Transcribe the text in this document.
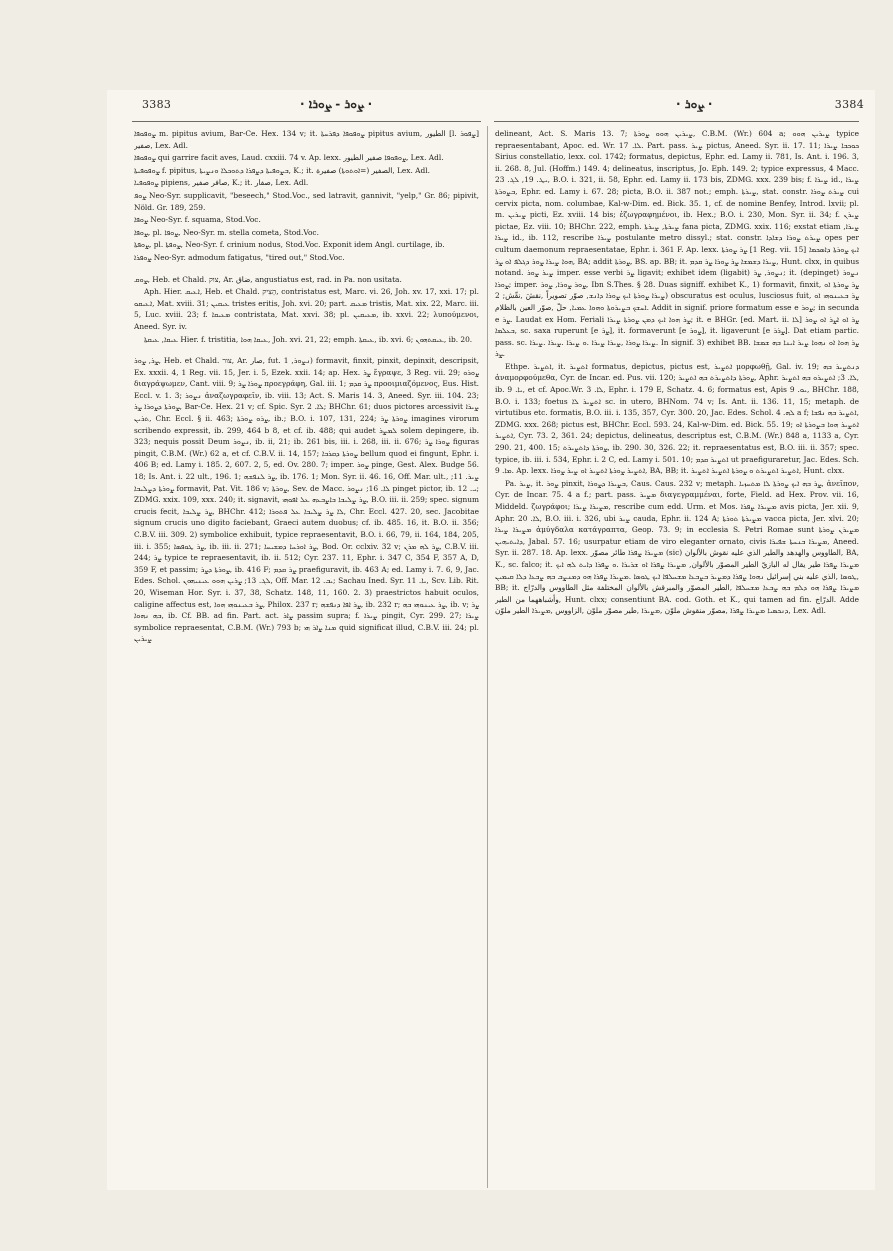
3383	· ܨܘܪ - ܨܘܪܐ ·	· ܨܘܪ ·	3384

ܨܘܦܘܦܐ m. pipitus avium, Bar-Ce. Hex. 134 v; it. ܨܘܦܘܦܐ ܕܦܪܚܬܐ pipitus avium, الطيور [l. ܨܦܘܪ] صفير, Lex. Adl.

ܨܘܦܘܦܐ qui garrire facit aves, Laud. cxxiii. 74 v. Ap. lexx. ܨܘܦܘܦܐ صفير الطيور, Lex. Adl.

ܨܘܦܘܦܝܬܐ f. pipitus, ܒܨܘܦܝܬܐ ܕܨܦܪܐ ܕܬܘܟܠܐ ܘܢܨܝܬܐ, K.; it. الصفير (=ܐܘܬܘܬܐ) صفيرة, Lex. Adl.

ܨܘܦܘܦܝܐ pipiens, صافر صفير, K.; it. صفار, Lex. Adl.

ܨܘܦ Neo-Syr. supplicavit, "beseech," Stod.Voc., sed latravit, gannivit, "yelp," Gr. 86; pipivit, Nöld. Gr. 189, 259.

ܨܘܦܐ Neo-Syr. f. squama, Stod.Voc.

ܨܘܦܐ, pl. ܨܘܦܐ, Neo-Syr. m. stella cometa, Stod.Voc.

ܨܘܦܬܐ, pl. ܨܘܦܬܐ, Neo-Syr. f. crinium nodus, Stod.Voc. Exponit idem Angl. curtilage, ib.

ܨܘܦܪܐ Neo-Syr. admodum fatigatus, "tired out," Stod.Voc.

ܨܘܩ, Heb. et Chald. צוק, Ar. ضاق, angustiatus est, rad. in Pa. non usitata.

Aph. Hier. ܐܥܝܩ, Heb. et Chald. הֵצִיק, contristatus est, Marc. vi. 26, Joh. xv. 17, xxi. 17; pl. ܐܥܝܩܘ, Mat. xviii. 31; ܥܝܩܝܢ tristes eritis, Joh. xvi. 20; part. ܡܥܝܩ tristis, Mat. xix. 22, Marc. iii. 5, Luc. xviii. 23; f. ܡܥܝܩܐ contristata, Mat. xxvi. 38; pl. ܡܥܝܩܝܢ, ib. xxvi. 22; λυπούμενοι, Aneed. Syr. iv.

ܥܝܩܐ, ܥܝܩܬܐ Hier. f. tristitia, ܥܝܩܐ ܗܘܐ, Joh. xvi. 21, 22; emph. ܥܝܩܬܐ, ib. xvi. 6; ܥܝܩܬܗܘܢ, ib. 20.

ܨܪ, ܨܘܪ, Heb. et Chald. צור, Ar. صار, fut. ܢܨܘܪ, 1) formavit, finxit, pinxit, depinxit, descripsit, Ex. xxxii. 4, 1 Reg. vii. 15, Jer. i. 5, Ezek. xxii. 14; ap. Hex. ܨܪ ἔγραψε, 3 Reg. vii. 29; ܨܘܪܘ διαγράψωμεν, Cant. viii. 9; ܨܘܪܐ ܨܪ προεγράφη, Gal. iii. 1; ܨܪ ܩܕܡ προοιμιαζόμενος, Eus. Hist. Eccl. v. 1. 3; ܢܨܘܪ ἀναζωγραφεῖν, ib. viii. 13; Act. S. Maris 14. 3, Aneed. Syr. iii. 104. 23; ܨܘܪܬܐ ܕܨܘܪܐ ܨܪ, Bar-Ce. Hex. 21 v; cf. Spic. Syr. ܠܐ. 2; BHChr. 61; duos pictores arcessivit ܨܝܪܐ ܬܪܝܢ, Chr. Eccl. § ii. 463; ܨܪܘ ܨܘܪܬܐ, ib.; B.O. i. 107, 131, 224; ܨܘܪܬܐ ܨܪ imagines virorum scribendo expressit, ib. 299, 464 b 8, et cf. ib. 488; qui audet ܠܡܨܪ solem depingere, ib. 323; nequis possit Deum ܢܨܘܪ, ib. ii, 21; ib. 261 bis, iii. i. 268, iii. ii. 676; ܨܘܪܐ ܨܪ figuras pingit, C.B.M. (Wr.) 62 a, et cf. C.B.V. ii. 14, 157; ܨܘܪܬܐ ܕܩܪܒܐ bellum quod ei fingunt, Ephr. i. 406 B; ed. Lamy i. 185. 2, 607. 2, 5, ed. Ov. 280. 7; imper. ܨܘܪ pinge, Gest. Alex. Budge 56. 18; Is. Ant. i. 22 ult., 196. 1; ܨܪ ܠܢܦܫܗ, ib. 176. 1; Mon. Syr. ii. 46. 16, Off. Mar. ult., ܨܝܪ. 11; ܨܘܪܬܐ ܕܨܠܝܒܐ formavit, Pat. Vit. 186 v; ܨܘܪܬܐ, Sev. de Macc. ܠܐ. 16; ܢܨܘܪ pinget pictor, ib. ܝ. 12; ZDMG. xxix. 109, xxx. 240; it. signavit, ܨܪ ܨܠܝܒܐ ܒܐܨܒܥܗ ܥܠ ܐܦܘܗܝ, B.O. iii. ii. 259; spec. signum crucis fecit, ܨܪ ܨܠܝܒܐ, BHChr. 412; ܠܐ ܨܪ ܨܠܝܒܐ ܥܠ ܦܬܘܪܐ, Chr. Eccl. 427. 20, sec. Jacobitae signum crucis uno digito faciebant, Graeci autem duobus; cf. ib. 485. 16, it. B.O. ii. 356; C.B.V. iii. 309. 2) symbolice exhibuit, typice repraesentavit, B.O. i. 66, 79, ii. 164, 184, 205, iii. i. 355; ܨܪ ܛܘܦܣܐ, ib. iii. ii. 271; ܨܪ ܐܘܪܚܐ ܕܡܫܝܚܐ, Bod. Or. cclxiv. 32 v; ܨܪ ܠܗ ܡܪܢ, C.B.V. iii. 244; ܨܪ typice te repraesentavit, ib. ii. 512; Cyr. 237. 11, Ephr. i. 347 C, 354 F, 357 A, D, 359 F, et passim; ܨܘܪܬܐ ܕܨܪ, ib. 416 F; ܨܪ ܩܕܡ praefiguravit, ib. 463 A; ed. Lamy i. 7. 6, 9, Jac. Edes. Schol. ܠܓ. 13; ܨܪܝܢ ܗܘܘ ܥܝܢܝܗܘܢ, Off. Mar. ܝܒ. 12; Sachau Ined. Syr. ܝܐ. 11, Scv. Lib. Rit. 20, Wiseman Hor. Syr. i. 37, 38, Schatz. 148, 11, 160. 2. 3) praestrictos habuit oculos, caligine affectus est, ܨܪ ܒܥܝܢܘܗܝ ܗܘܐ, Philox. 237 r; ܨܪ ܐܦܐ ܕܢܦܫܗ, ib. 232 r; ܨܪ ܥܝܢܘܗܝ ܒܗ, ib. v; ܨܪ ܒܗ ܢܗܘܐ, ib. Cf. BB. ad fin. Part. act. ܨܐܪ passim supra; f. ܨܝܪܐ pingit, Cyr. 299. 27; ܨܝܪܐ symbolice repraesentat, C.B.M. (Wr.) 793 b; ܡܢܐ ܨܐܪ ܗܝ quid significat illud, C.B.V. iii. 24; pl. ܨܝܪܝܢ

delineant, Act. S. Maris 13. 7; ܨܝܪܝܢ ܗܘܘ ܨܘܪܬܐ, C.B.M. (Wr.) 604 a; ܨܝܪܝܢ ܗܘܘ typice repraesentabant, Apoc. ed. Wr. ܠܐ. 17. Part. pass. ܨܝܪ pictus, Aneed. Syr. ii. 17. 11; ܟܘܟܒܐ ܨܝܪܐ Sirius constellatio, lexx. col. 1742; formatus, depictus, Ephr. ed. Lamy ii. 781, Is. Ant. i. 196. 3, ii. 268. 8, Jul. (Hoffm.) 149. 4; delineatus, inscriptus, Jo. Eph. 149. 2; typice expressus, 4 Macc. ܝܛ. 19, ܠܓ. 23, B.O. i. 321, ii. 58, Ephr. ed. Lamy ii. 173 bis, ZDMG. xxx. 239 bis; f. ܨܝܪܐ id., ܨܝܪܐ ܒܨܘܪܬܐ, Ephr. ed. Lamy i. 67. 28; picta, B.O. ii. 387 not.; emph. ܨܝܪܬܐ, stat. constr. ܨܝܪܬ ܨܘܪܐ cui cervix picta, nom. columbae, Kal-w-Dim. ed. Bick. 35. 1, cf. de nomine Benfey, Introd. lxvii; pl. m. ܨܝܪܝܢ picti, Ez. xviii. 14 bis; ἐζωγραφημένοι, ib. Hex.; B.O. i. 230, Mon. Syr. ii. 34; f. ܨܝܪܢ pictae, Ez. viii. 10; BHChr. 222, emph. ܨܝܪܬܐ, ܨܝܪܬܐ fana picta, ZDMG. xxix. 116; exstat etiam ܨܝܪܐ, ܨܝܪܐ id., ib. 112, rescribe ܨܝܪܐ postulante metro dissyl.; stat. constr. ܨܝܪܬ ܨܘܪܐ ܕܫܐܕܐ opes per cultum daemonum repraesentatae, Ephr. i. 361 F. Ap. lexx. ܨܪ ܨܘܪܬܐ [1 Reg. vii. 15] ܐܝܟ ܨܘܪܬܐ ܕܐܣܟܡܐ ܗܘܐ ܨܝܪܐ ܨܘܪ ܕܓܠܦ ܐܘ ܨܪ, BA; addit ܨܘܪܬܐ, BS. ap. BB; it. ܨܝܪܐ ܕܫܡܫܐ ܨܪ ܨܘܪܐ ܨܪ ܩܕܡ, Hunt. clxx, in quibus notand. ܨܝܪ ܨܘܪ imper. esse verbi ܨܪ ligavit; exhibet idem (ligabit) ܢܨܘܪ, ܨܪ; it. (depinget) ܢܨܘܪ ܨܘܪܐ; imper. ܨܘܪ ܨܘܪܐ, ܨܘܪ, Ibn S.Thes. § 28. Duas signiff. exhibet K., 1) formavit, finxit, ܨܪ ܨܘܪܬܐ ܐܘ ܨܝܪܐ ܨܘܪܬܐ ܐܝܟ ܨܘܪܐ ܕܐܢܫ, صوّر تصويراً ,نقشَ ,نقّش; 2) obscuratus est oculus, lusciosus fuit, ܨܪ ܒܥܝܢܘܗܝ ܐܘ ܐܚܫܟ ܒܨܝܪܘܬܐ ܘܗܘܐ ܥܡܝܐ, حلّ ,صوّر العين بالظلام. Addit in signif. priore formatum esse e ܨܘܪ; in secunda e ܨܪ. Laudat ex Hom. Feriali ܨܪ ܗܘܐ ܐܝܟ ܕܡܢ ܨܘܪܬܐ ܨܝܪܐ; it. e BHGr. [ed. Mart. ii. ܠܐ] ܨܪ ܐܘ ܐܨܪ ܐܘ ܨܘܪ ܒܥܠܡܐ, sc. saxa ruperunt [e ܨܪ], it. formaverunt [e ܨܘܪ], it. ligaverunt [e ܨܪܪ]. Dat etiam partic. pass. sc. ܨܝܪܐ ܨܘܪܐ ,ܨܝܪܐ ܨܝܪܐ .ܘ ܨܝܪܐ .ܨܝܪܐ .ܨܝܪܐ. In signif. 3) exhibet BB. ܨܪ ܗܘܐ ܐܘ ܢܗܘܐ ܨܝܪ ܐܝܢܐ ܒܗ ܫܡܫܐ ܨܪ.

Ethpe. ܐܬܨܝܪ, it. ܐܬܨܝܪ formatus, depictus, pictus est, ܐܬܨܝܪ μορφωθῇ, Gal. iv. 19; ܕܢܬܨܝܪ ܒܗ ἀναμορφούμεθα, Cyr. de Incar. ed. Pus. vii. 120; ܨܘܪܬܐ ܕܐܬܨܝܪܬ ܒܗ ܐܬܨܝܪ, Aphr. ܠܐ. 3; ܐܬܨܝܪܘ ܒܗ ܐܬܨܝܪ, ib. ܝܐ. 9, et cf. Apoc.Wr. ܠܐ. 3, Ephr. i. 179 E, Schatz. 4. 6; formatus est, Apis ܝܘ. 9, BHChr. 188, B.O. i. 133; foetus ܐܬܨܝܪ ܠܐ sc. in utero, BHNom. 74 v; Is. Ant. ii. 136. 11, 15; metaph. de virtutibus etc. formatis, B.O. iii. i. 135, 357, Cyr. 300. 20, Jac. Edes. Schol. ܠܗ. 4 a f; ܐܬܨܝܪ ܒܗ ܢܦܫܐ, ZDMG. xxx. 268; pictus est, BHChr. Eccl. 593. 24, Kal-w-Dim. ed. Bick. 55. 19; ܐܬܨܝܪ ܗܘܐ ܒܨܘܪܬܐ ܐܘ ܐܬܨܝܪ, Cyr. 73. 2, 361. 24; depictus, delineatus, descriptus est, C.B.M. (Wr.) 848 a, 1133 a, Cyr. 290. 21, 400. 15; ܨܘܪܬܐ ܕܐܬܨܝܪܬ, ib. 290. 30, 326. 22; it. repraesentatus est, B.O. iii. ii. 357; spec. typice, ib. iii. i. 534, Ephr. i. 2 C, ed. Lamy i. 501. 10; ܐܬܨܝܪ ܩܕܡ ut praefiguraretur, Jac. Edes. Sch. ܡܐ. 9. Ap. lexx. ܐܬܨܝܪ ܨܘܪܬܐ ܐܬܨܝܪ ܐܘ ܨܝܪ ܨܘܪܐ, BA, BB; it. ܐܬܨܝܪ ܐܬܨܝܪܬ ܘ ܨܘܪܬܐ ܐܬܨܝܪ ܐܬܨܝܪ, Hunt. clxx.

Pa. ܨܝܪ, it. ܨܘܪ pinxit, ܒܨܝܪܐ ܕܨܘܪܐ, Caus. Caus. 232 v; metaph. ܨܪ ܒܗ ܐܝܟ ܨܘܪܬܐ ܠܐ ܡܬܚܙܝܐ, ἀνεῖπον, Cyr. de Incar. 75. 4 a f.; part. pass. ܡܨܝܪ διαγεγραμμέναι, forte, Field. ad Hex. Prov. vii. 16, Middeld. ζωγράφοι; ܡܨܝܪܐ ܨܝܪܐ, rescribe cum edd. Urm. et Mos. ܡܨܝܪܐ ܨܦܪܐ avis picta, Jer. xii. 9, Aphr. ܠܐ. 20, B.O. iii. i. 326, ubi ܨܝܪ cauda, Ephr. ii. 124 A; ܡܨܝܪܬܐ ܬܘܪܬܐ vacca picta, Jer. xlvi. 20; ܡܨܝܪܐ ܨܝܪܐ ἀμύγδαλα κατάγραπτα, Geop. 73. 9; in ecclesia S. Petri Romae sunt ܡܨܝܪܢ ܨܘܪܬܐ ܕܐܝܬܝܗܝܢ, Jabal. 57. 16; usurpatur etiam de viro eleganter ornato, civis ܡܨܝܪܐ ܒܢܚܬܐ ܫܦܝܪܐ, Aneed. Syr. ii. 287. 18. Ap. lexx. ܡܨܝܪܐ ܨܦܪܐ طائر مصوّر (sic) الطاووس والهدهد والطير الذي عليه نقوش بالألوان, BA, K., sc. falco; it. ܡܨܝܪܐ ܨܦܪܐ طير يقال له البازيّ الطير المصوّر بالألوان, ܡܨܝܪܐ ܨܦܪܐ ܐܘ ܫܪܝܪܐ .ܘ ܨܦܪܐ ܕܐܝܬ ܠܗ ܐܝܟ ܛܘܣܐ ,الذي عليه بني إسرائيل ܢܗܘܐ ܨܦܪܐ ܕܡܨܝܪ ܒܨܒܥܐ ܡܫܚܠܦܐ ܐܝܟ ܛܘܣܐ .ܡܨܝܪܐ ܨܦܪܐ ܗܘ ܕܡܢܨܒ ܒܗ ܨܒܥܐ ܕܠܐ ܩܝܡܝܢ, BB; it. ܡܨܝܪܐ ܨܦܪܐ ܗܘ ܕܠܡ ܒܗ ܨܒܥܐ ܡܫܚܠܦܐ ,الطير المصوّر والمبرقش بالألوان المختلفة مثل الطاووس والدرّاج وأشباههما من الطير, Hunt. clxx; consentiunt BA. cod. Goth. et K., qui tamen ad fin. الدرّاج. Adde ܕܢܟܣܝܐ ܡܨܝܪܐ ܨܦܪܐ ,مصوّر منقوش ملوّن ,ܡܨܝܪܐ ,طير مصوّر ملوّن ,الزاووس ,ܡܨܝܪܐ الطير ملوّن, Lex. Adl.
